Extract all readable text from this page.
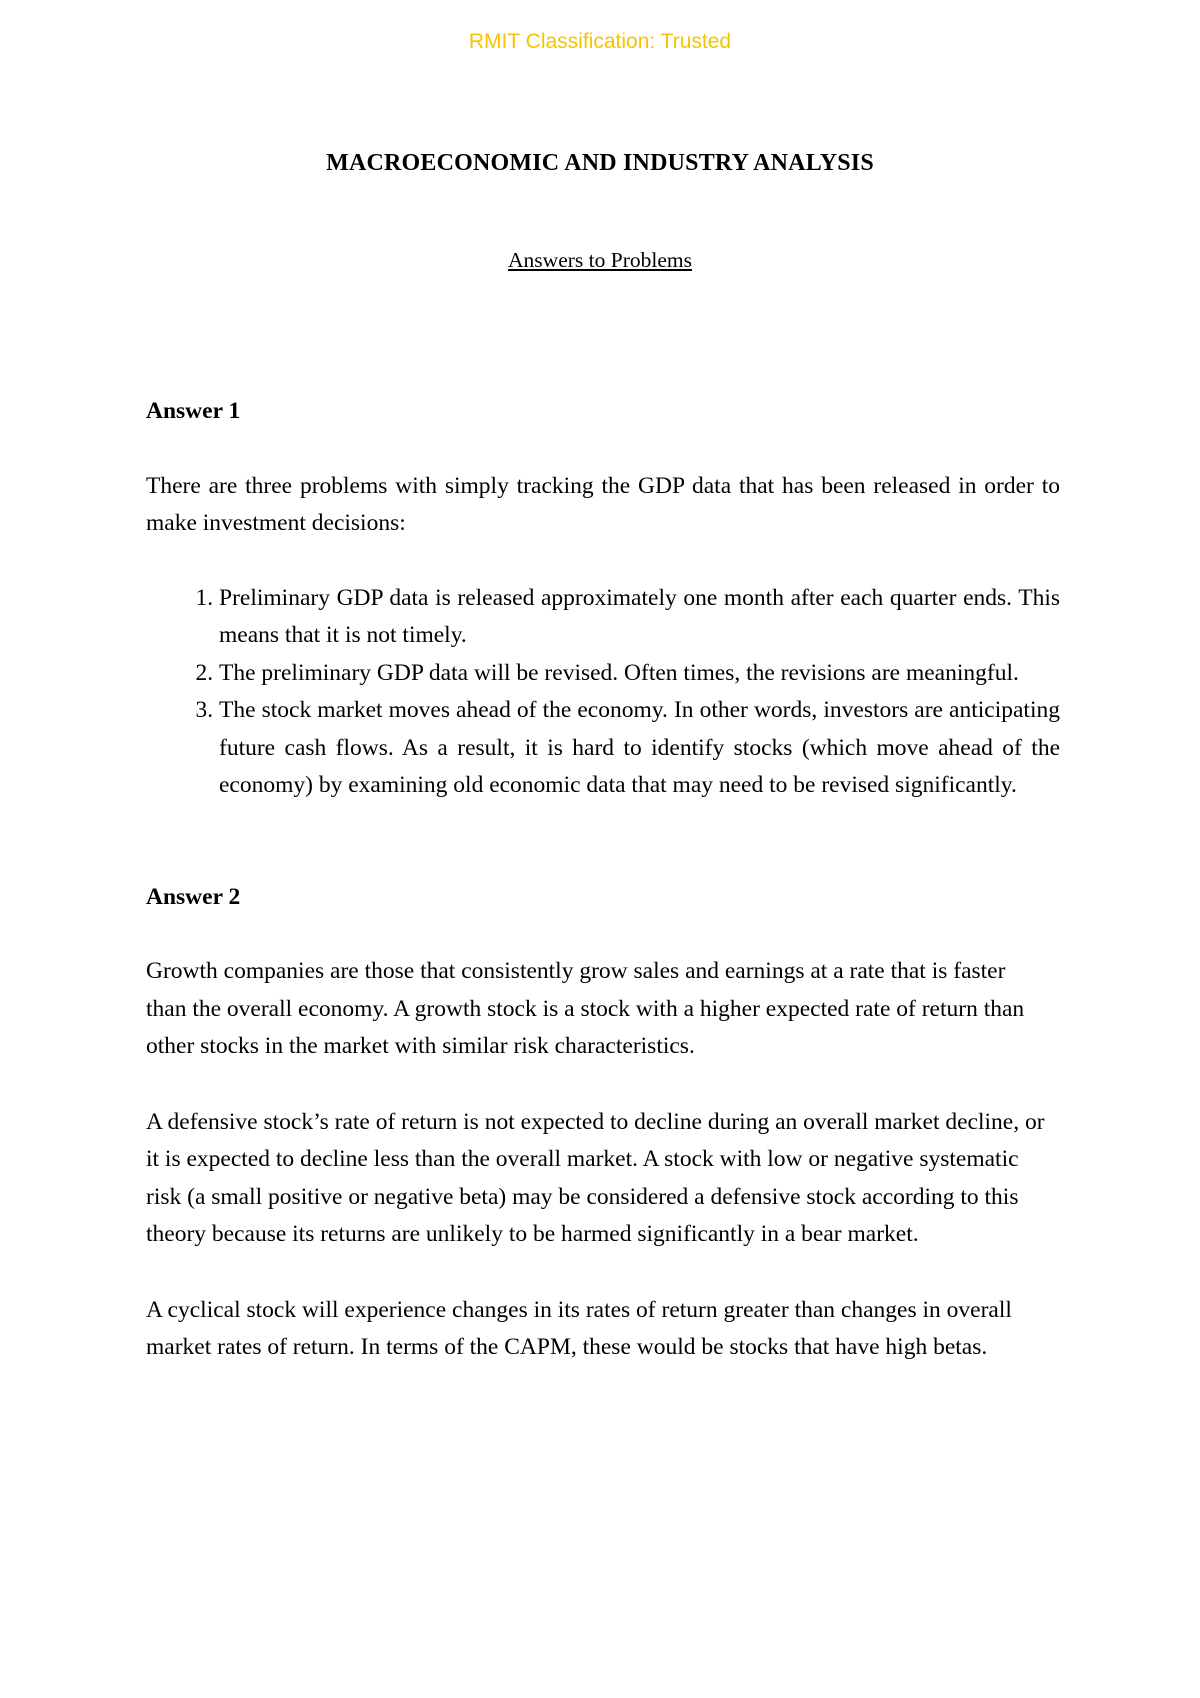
RMIT Classification: Trusted
MACROECONOMIC AND INDUSTRY ANALYSIS
Answers to Problems

Answer 1

There are three problems with simply tracking the GDP data that has been released in order to make investment decisions:

1. Preliminary GDP data is released approximately one month after each quarter ends. This means that it is not timely.
2. The preliminary GDP data will be revised. Often times, the revisions are meaningful.
3. The stock market moves ahead of the economy. In other words, investors are anticipating future cash flows. As a result, it is hard to identify stocks (which move ahead of the economy) by examining old economic data that may need to be revised significantly.

Answer 2

Growth companies are those that consistently grow sales and earnings at a rate that is faster than the overall economy. A growth stock is a stock with a higher expected rate of return than other stocks in the market with similar risk characteristics.

A defensive stock’s rate of return is not expected to decline during an overall market decline, or it is expected to decline less than the overall market. A stock with low or negative systematic risk (a small positive or negative beta) may be considered a defensive stock according to this theory because its returns are unlikely to be harmed significantly in a bear market.

A cyclical stock will experience changes in its rates of return greater than changes in overall market rates of return. In terms of the CAPM, these would be stocks that have high betas.
